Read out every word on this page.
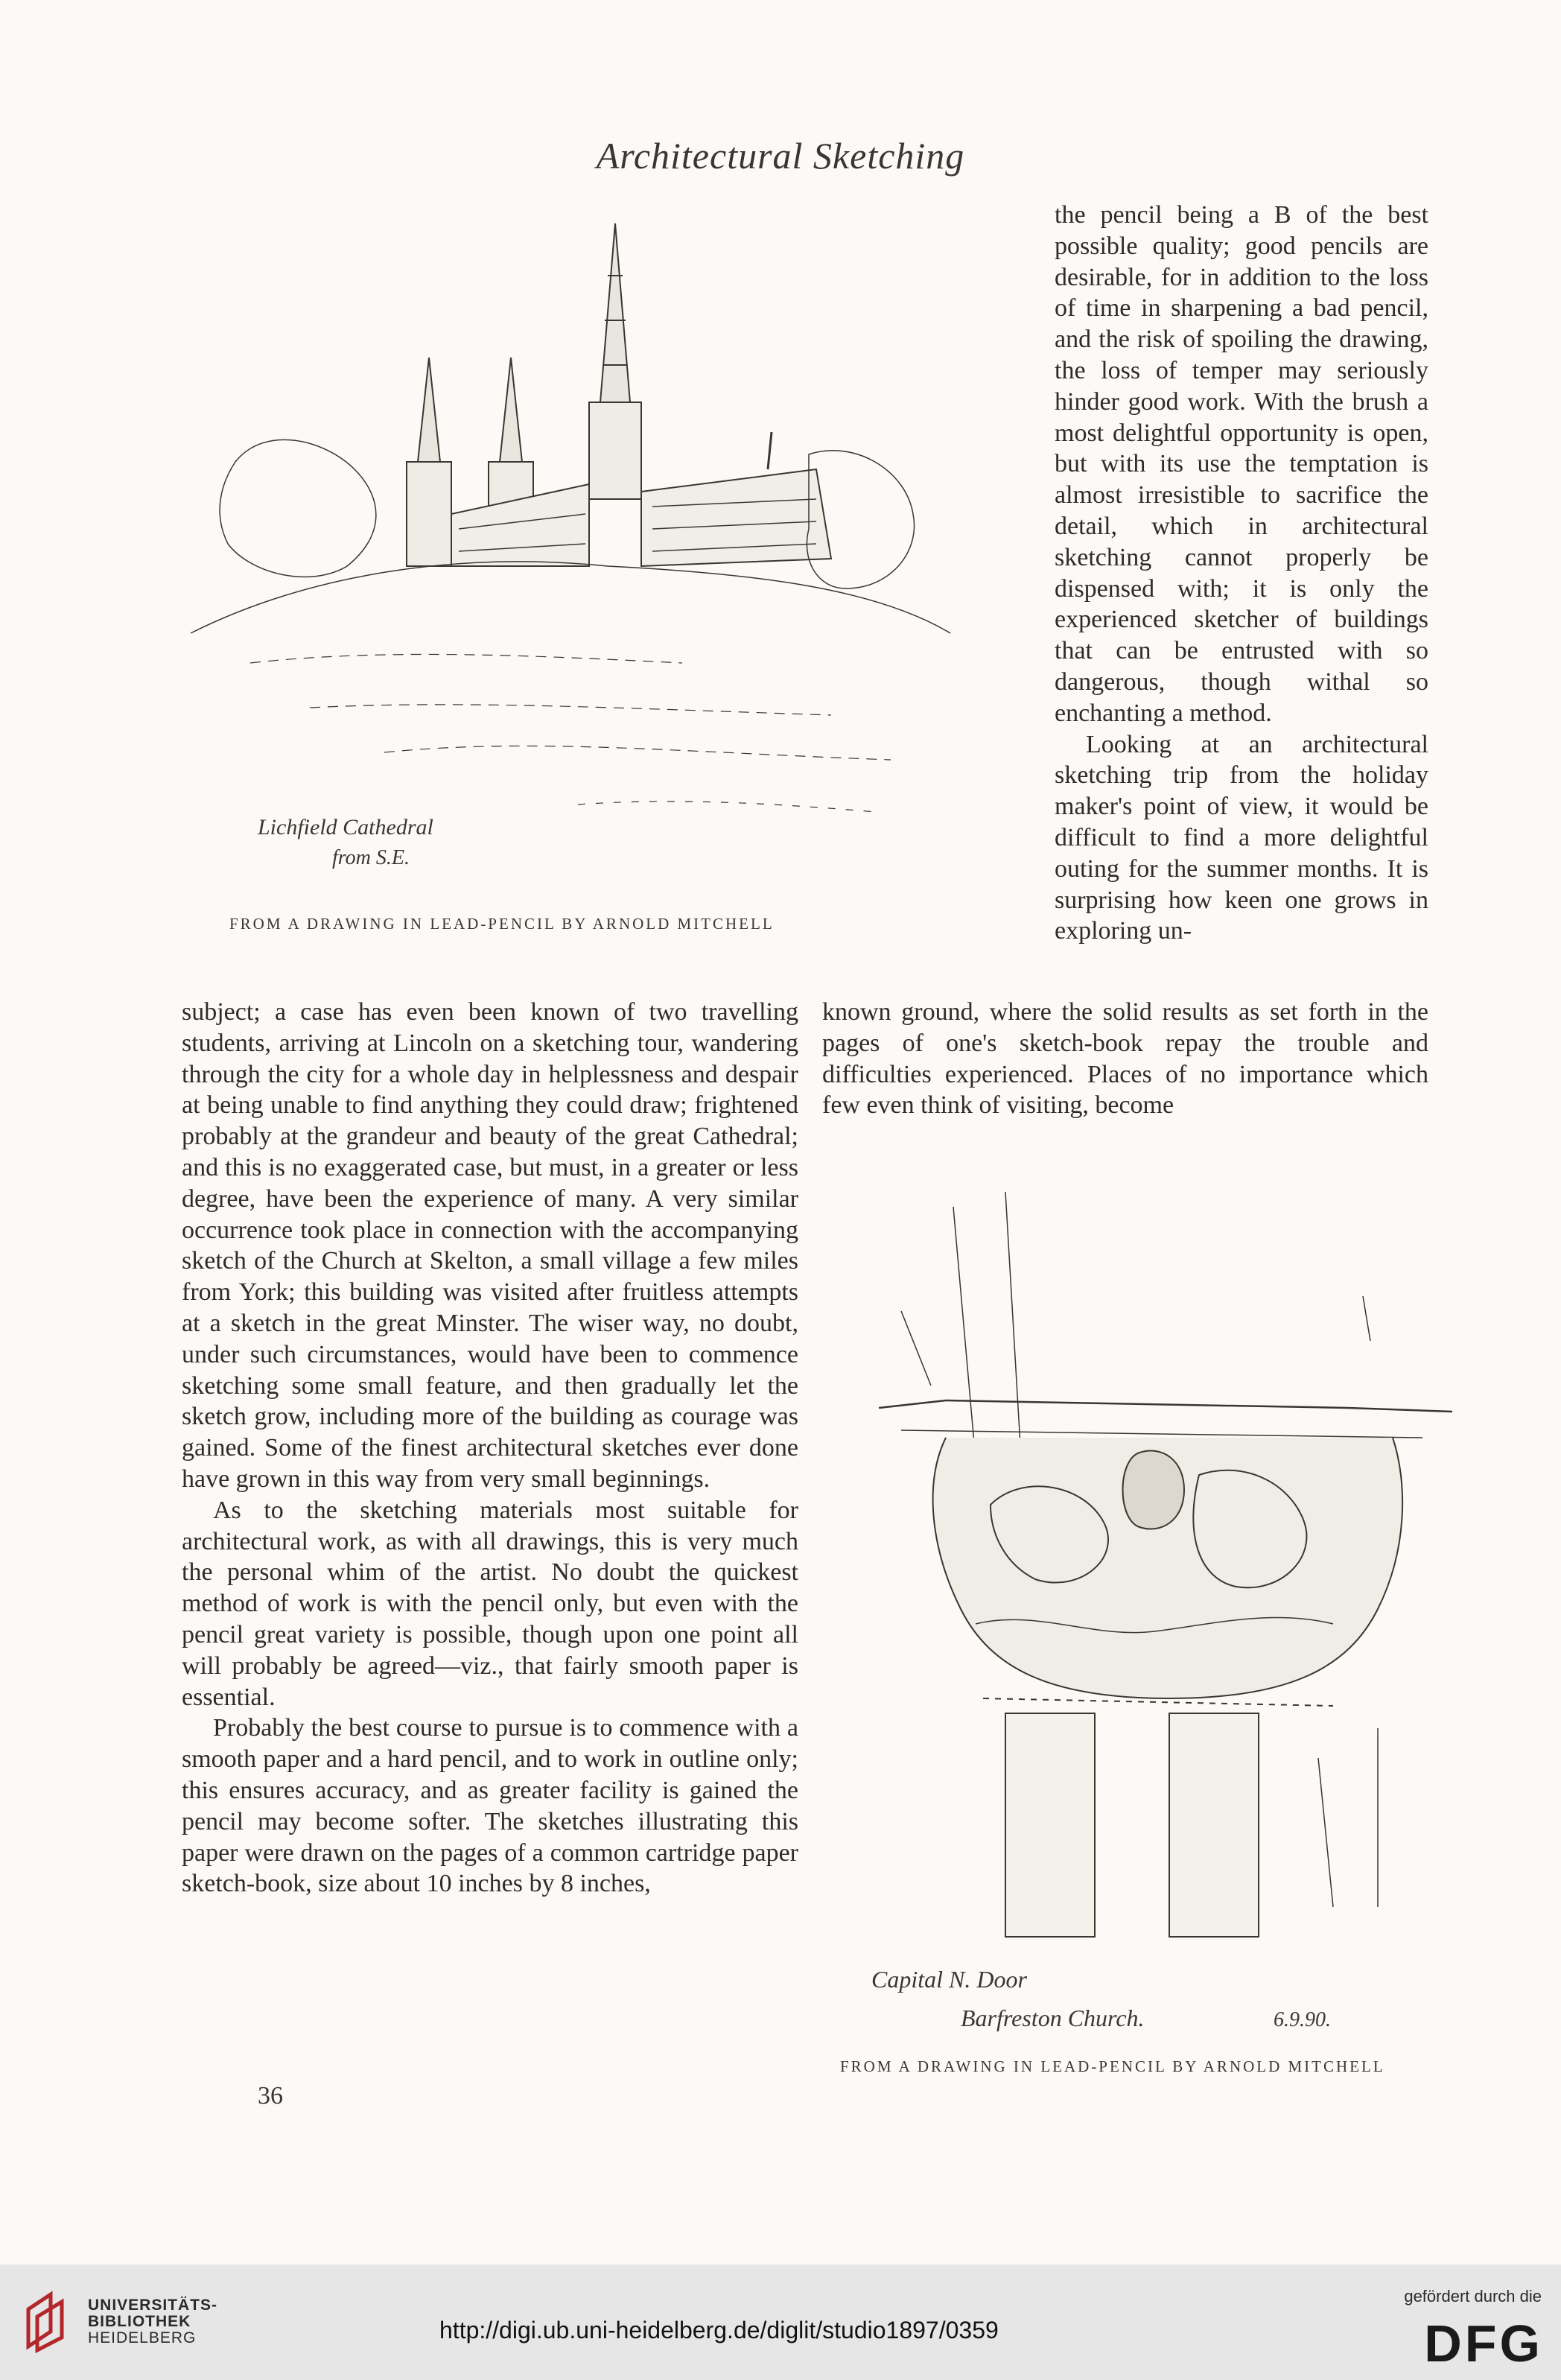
Architectural Sketching
Lichfield Cathedral
from S.E.
FROM A DRAWING IN LEAD-PENCIL BY ARNOLD MITCHELL

the pencil being a B of the best possible quality; good pencils are desirable, for in addition to the loss of time in sharpening a bad pencil, and the risk of spoiling the drawing, the loss of temper may seriously hinder good work. With the brush a most delightful opportunity is open, but with its use the temptation is almost irresistible to sacrifice the detail, which in architectural sketching cannot properly be dispensed with; it is only the experienced sketcher of buildings that can be entrusted with so dangerous, though withal so enchanting a method.

Looking at an architectural sketching trip from the holiday maker's point of view, it would be difficult to find a more delightful outing for the summer months. It is surprising how keen one grows in exploring un-

known ground, where the solid results as set forth in the pages of one's sketch-book repay the trouble and difficulties experienced. Places of no importance which few even think of visiting, become

subject; a case has even been known of two travelling students, arriving at Lincoln on a sketching tour, wandering through the city for a whole day in helplessness and despair at being unable to find anything they could draw; frightened probably at the grandeur and beauty of the great Cathedral; and this is no exaggerated case, but must, in a greater or less degree, have been the experience of many. A very similar occurrence took place in connection with the accompanying sketch of the Church at Skelton, a small village a few miles from York; this building was visited after fruitless attempts at a sketch in the great Minster. The wiser way, no doubt, under such circumstances, would have been to commence sketching some small feature, and then gradually let the sketch grow, including more of the building as courage was gained. Some of the finest architectural sketches ever done have grown in this way from very small beginnings.

As to the sketching materials most suitable for architectural work, as with all drawings, this is very much the personal whim of the artist. No doubt the quickest method of work is with the pencil only, but even with the pencil great variety is possible, though upon one point all will probably be agreed—viz., that fairly smooth paper is essential.

Probably the best course to pursue is to commence with a smooth paper and a hard pencil, and to work in outline only; this ensures accuracy, and as greater facility is gained the pencil may become softer. The sketches illustrating this paper were drawn on the pages of a common cartridge paper sketch-book, size about 10 inches by 8 inches,

Capital N. Door
Barfreston Church.	6.9.90.
FROM A DRAWING IN LEAD-PENCIL BY ARNOLD MITCHELL
36
UNIVERSITÄTS-
BIBLIOTHEK
HEIDELBERG	http://digi.ub.uni-heidelberg.de/diglit/studio1897/0359
gefördert durch die
DFG
